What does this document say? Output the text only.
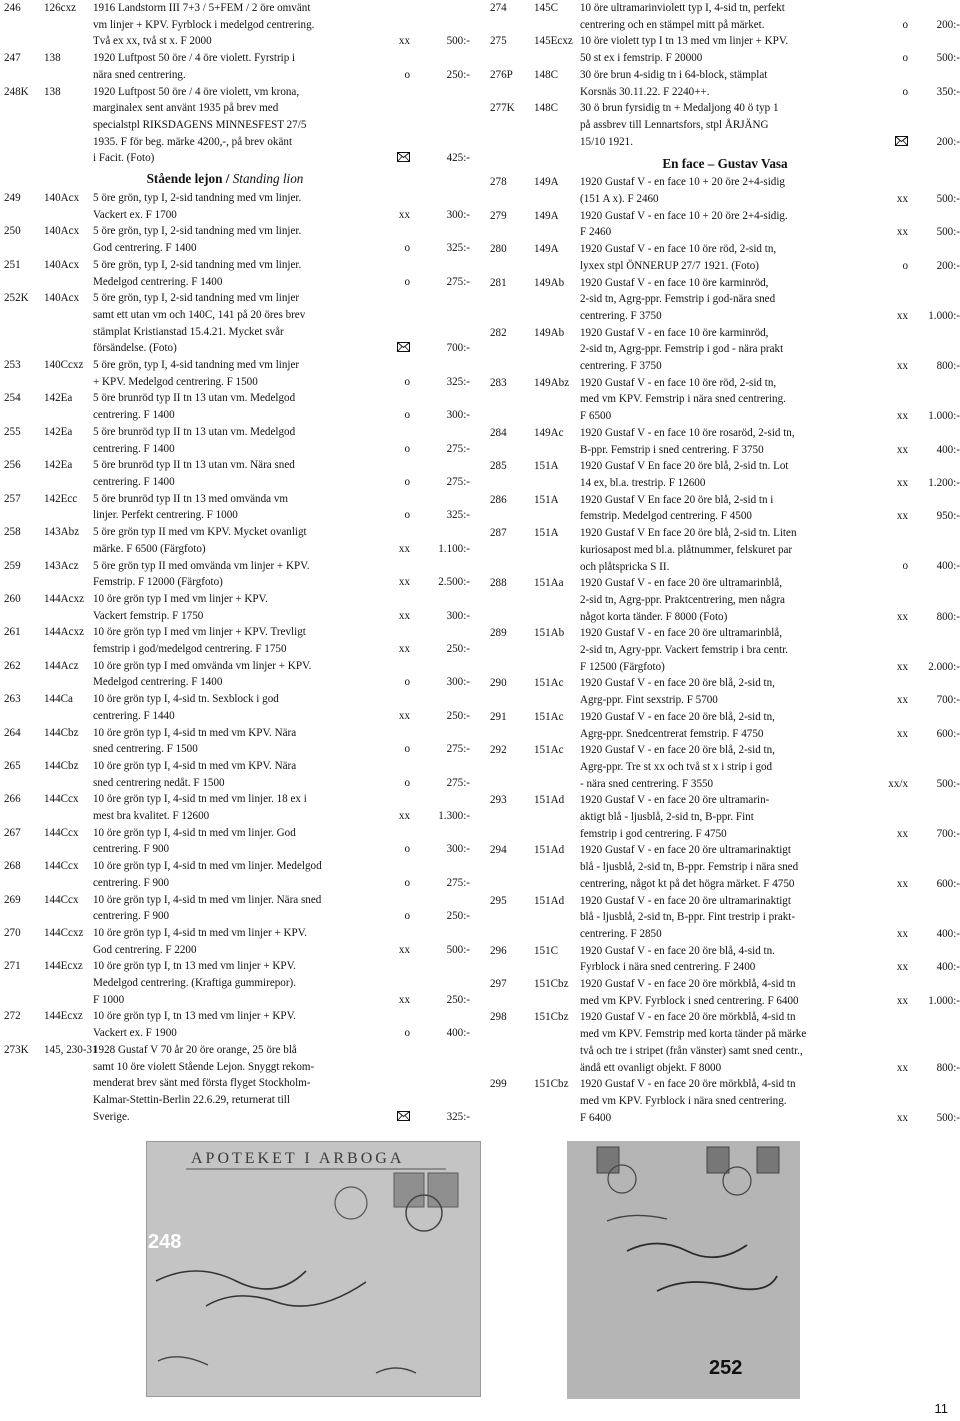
246 126cxz 1916 Landstorm III 7+3 / 5+FEM / 2 öre omvänt
vm linjer + KPV. Fyrblock i medelgod centrering.
Två ex xx, två st x. F 2000	xx	500:-
247 138	1920 Luftpost 50 öre / 4 öre violett. Fyrstrip i
nära sned centrering.	o	250:-
248K 138	1920 Luftpost 50 öre / 4 öre violett, vm krona,
marginalex sent använt 1935 på brev med
specialstpl RIKSDAGENS MINNESFEST 27/5
1935. F för beg. märke 4200,-, på brev okänt
i Facit. (Foto)	425:-
Stående lejon / Standing lion
249 140Acx 5 öre grön, typ I, 2-sid tandning med vm linjer.
Vackert ex. F 1700	xx	300:-
250 140Acx 5 öre grön, typ I, 2-sid tandning med vm linjer.
God centrering. F 1400	o	325:-
251 140Acx 5 öre grön, typ I, 2-sid tandning med vm linjer.
Medelgod centrering. F 1400	o	275:-
252K 140Acx 5 öre grön, typ I, 2-sid tandning med vm linjer
samt ett utan vm och 140C, 141 på 20 öres brev
stämplat Kristianstad 15.4.21. Mycket svår
försändelse. (Foto)	700:-
253 140Ccxz 5 öre grön, typ I, 4-sid tandning med vm linjer
+ KPV. Medelgod centrering. F 1500	o	325:-
254 142Ea 5 öre brunröd typ II tn 13 utan vm. Medelgod
centrering. F 1400	o	300:-
255 142Ea 5 öre brunröd typ II tn 13 utan vm. Medelgod
centrering. F 1400	o	275:-
256 142Ea 5 öre brunröd typ II tn 13 utan vm. Nära sned
centrering. F 1400	o	275:-
257 142Ecc 5 öre brunröd typ II tn 13 med omvända vm
linjer. Perfekt centrering. F 1000	o	325:-
258 143Abz 5 öre grön typ II med vm KPV. Mycket ovanligt
märke. F 6500 (Färgfoto)	xx	1.100:-
259 143Acz 5 öre grön typ II med omvända vm linjer + KPV.
Femstrip. F 12000 (Färgfoto)	xx	2.500:-
260 144Acxz 10 öre grön typ I med vm linjer + KPV.
Vackert femstrip. F 1750	xx	300:-
261 144Acxz 10 öre grön typ I med vm linjer + KPV. Trevligt
femstrip i god/medelgod centrering. F 1750	xx	250:-
262 144Acz 10 öre grön typ I med omvända vm linjer + KPV.
Medelgod centrering. F 1400	o	300:-
263 144Ca 10 öre grön typ I, 4-sid tn. Sexblock i god
centrering. F 1440	xx	250:-
264 144Cbz 10 öre grön typ I, 4-sid tn med vm KPV. Nära
sned centrering. F 1500	o	275:-
265 144Cbz 10 öre grön typ I, 4-sid tn med vm KPV. Nära
sned centrering nedåt. F 1500	o	275:-
266 144Ccx 10 öre grön typ I, 4-sid tn med vm linjer. 18 ex i
mest bra kvalitet. F 12600	xx	1.300:-
267 144Ccx 10 öre grön typ I, 4-sid tn med vm linjer. God
centrering. F 900	o	300:-
268 144Ccx 10 öre grön typ I, 4-sid tn med vm linjer. Medelgod
centrering. F 900	o	275:-
269 144Ccx 10 öre grön typ I, 4-sid tn med vm linjer. Nära sned
centrering. F 900	o	250:-
270 144Ccxz 10 öre grön typ I, 4-sid tn med vm linjer + KPV.
God centrering. F 2200	xx	500:-
271 144Ecxz 10 öre grön typ I, tn 13 med vm linjer + KPV.
Medelgod centrering. (Kraftiga gummirepor).
F 1000	xx	250:-
272 144Ecxz 10 öre grön typ I, tn 13 med vm linjer + KPV.
Vackert ex. F 1900	o	400:-
273K 145, 230-31
1928 Gustaf V 70 år 20 öre orange, 25 öre blå
samt 10 öre violett Stående Lejon. Snyggt rekom-
menderat brev sänt med första flyget Stockholm-
Kalmar-Stettin-Berlin 22.6.29, returnerat till
Sverige.	325:-
274 145C 10 öre ultramarinviolett typ I, 4-sid tn, perfekt
centrering och en stämpel mitt på märket.	o	200:-
275 145Ecxz 10 öre violett typ I tn 13 med vm linjer + KPV.
50 st ex i femstrip. F 20000	o	500:-
276P 148C 30 öre brun 4-sidig tn i 64-block, stämplat
Korsnäs 30.11.22. F 2240++.	o	350:-
277K 148C 30 ö brun fyrsidig tn + Medaljong 40 ö typ 1
på assbrev till Lennartsfors, stpl ÅRJÄNG
15/10 1921.	200:-
En face – Gustav Vasa
278 149A 1920 Gustaf V - en face 10 + 20 öre 2+4-sidig
(151 A x). F 2460	xx	500:-
279 149A 1920 Gustaf V - en face 10 + 20 öre 2+4-sidig.
F 2460	xx	500:-
280 149A 1920 Gustaf V - en face 10 öre röd, 2-sid tn,
lyxex stpl ÖNNERUP 27/7 1921. (Foto)	o	200:-
281 149Ab 1920 Gustaf V - en face 10 öre karminröd,
2-sid tn, Agrg-ppr. Femstrip i god-nära sned
centrering. F 3750	xx	1.000:-
282 149Ab 1920 Gustaf V - en face 10 öre karminröd,
2-sid tn, Agrg-ppr. Femstrip i god - nära prakt
centrering. F 3750	xx	800:-
283 149Abz 1920 Gustaf V - en face 10 öre röd, 2-sid tn,
med vm KPV. Femstrip i nära sned centrering.
F 6500	xx	1.000:-
284 149Ac 1920 Gustaf V - en face 10 öre rosaröd, 2-sid tn,
B-ppr. Femstrip i sned centrering. F 3750	xx	400:-
285 151A 1920 Gustaf V En face 20 öre blå, 2-sid tn. Lot
14 ex, bl.a. trestrip. F 12600	xx	1.200:-
286 151A 1920 Gustaf V En face 20 öre blå, 2-sid tn i
femstrip. Medelgod centrering. F 4500	xx	950:-
287 151A 1920 Gustaf V En face 20 öre blå, 2-sid tn. Liten
kuriosapost med bl.a. plåtnummer, felskuret par
och plåtspricka S II.	o	400:-
288 151Aa 1920 Gustaf V - en face 20 öre ultramarinblå,
2-sid tn, Agrg-ppr. Praktcentrering, men några
något korta tänder. F 8000 (Foto)	xx	800:-
289 151Ab 1920 Gustaf V - en face 20 öre ultramarinblå,
2-sid tn, Agry-ppr. Vackert femstrip i bra centr.
F 12500 (Färgfoto)	xx	2.000:-
290 151Ac 1920 Gustaf V - en face 20 öre blå, 2-sid tn,
Agrg-ppr. Fint sexstrip. F 5700	xx	700:-
291 151Ac 1920 Gustaf V - en face 20 öre blå, 2-sid tn,
Agrg-ppr. Snedcentrerat femstrip. F 4750	xx	600:-
292 151Ac 1920 Gustaf V - en face 20 öre blå, 2-sid tn,
Agrg-ppr. Tre st xx och två st x i strip i god
- nära sned centrering. F 3550	xx/x	500:-
293 151Ad 1920 Gustaf V - en face 20 öre ultramarin-
aktigt blå - ljusblå, 2-sid tn, B-ppr. Fint
femstrip i god centrering. F 4750	xx	700:-
294 151Ad 1920 Gustaf V - en face 20 öre ultramarinaktigt
blå - ljusblå, 2-sid tn, B-ppr. Femstrip i nära sned
centrering, något kt på det högra märket. F 4750	xx	600:-
295 151Ad 1920 Gustaf V - en face 20 öre ultramarinaktigt
blå - ljusblå, 2-sid tn, B-ppr. Fint trestrip i prakt-
centrering. F 2850	xx	400:-
296 151C 1920 Gustaf V - en face 20 öre blå, 4-sid tn.
Fyrblock i nära sned centrering. F 2400	xx	400:-
297 151Cbz 1920 Gustaf V - en face 20 öre mörkblå, 4-sid tn
med vm KPV. Fyrblock i sned centrering. F 6400	xx	1.000:-
298 151Cbz 1920 Gustaf V - en face 20 öre mörkblå, 4-sid tn
med vm KPV. Femstrip med korta tänder på märke
två och tre i stripet (från vänster) samt sned centr.,
ändå ett ovanligt objekt. F 8000	xx	800:-
299 151Cbz 1920 Gustaf V - en face 20 öre mörkblå, 4-sid tn
med vm KPV. Fyrblock i nära sned centrering.
F 6400	xx	500:-
APOTEKET I ARBOGA
248
252
11
